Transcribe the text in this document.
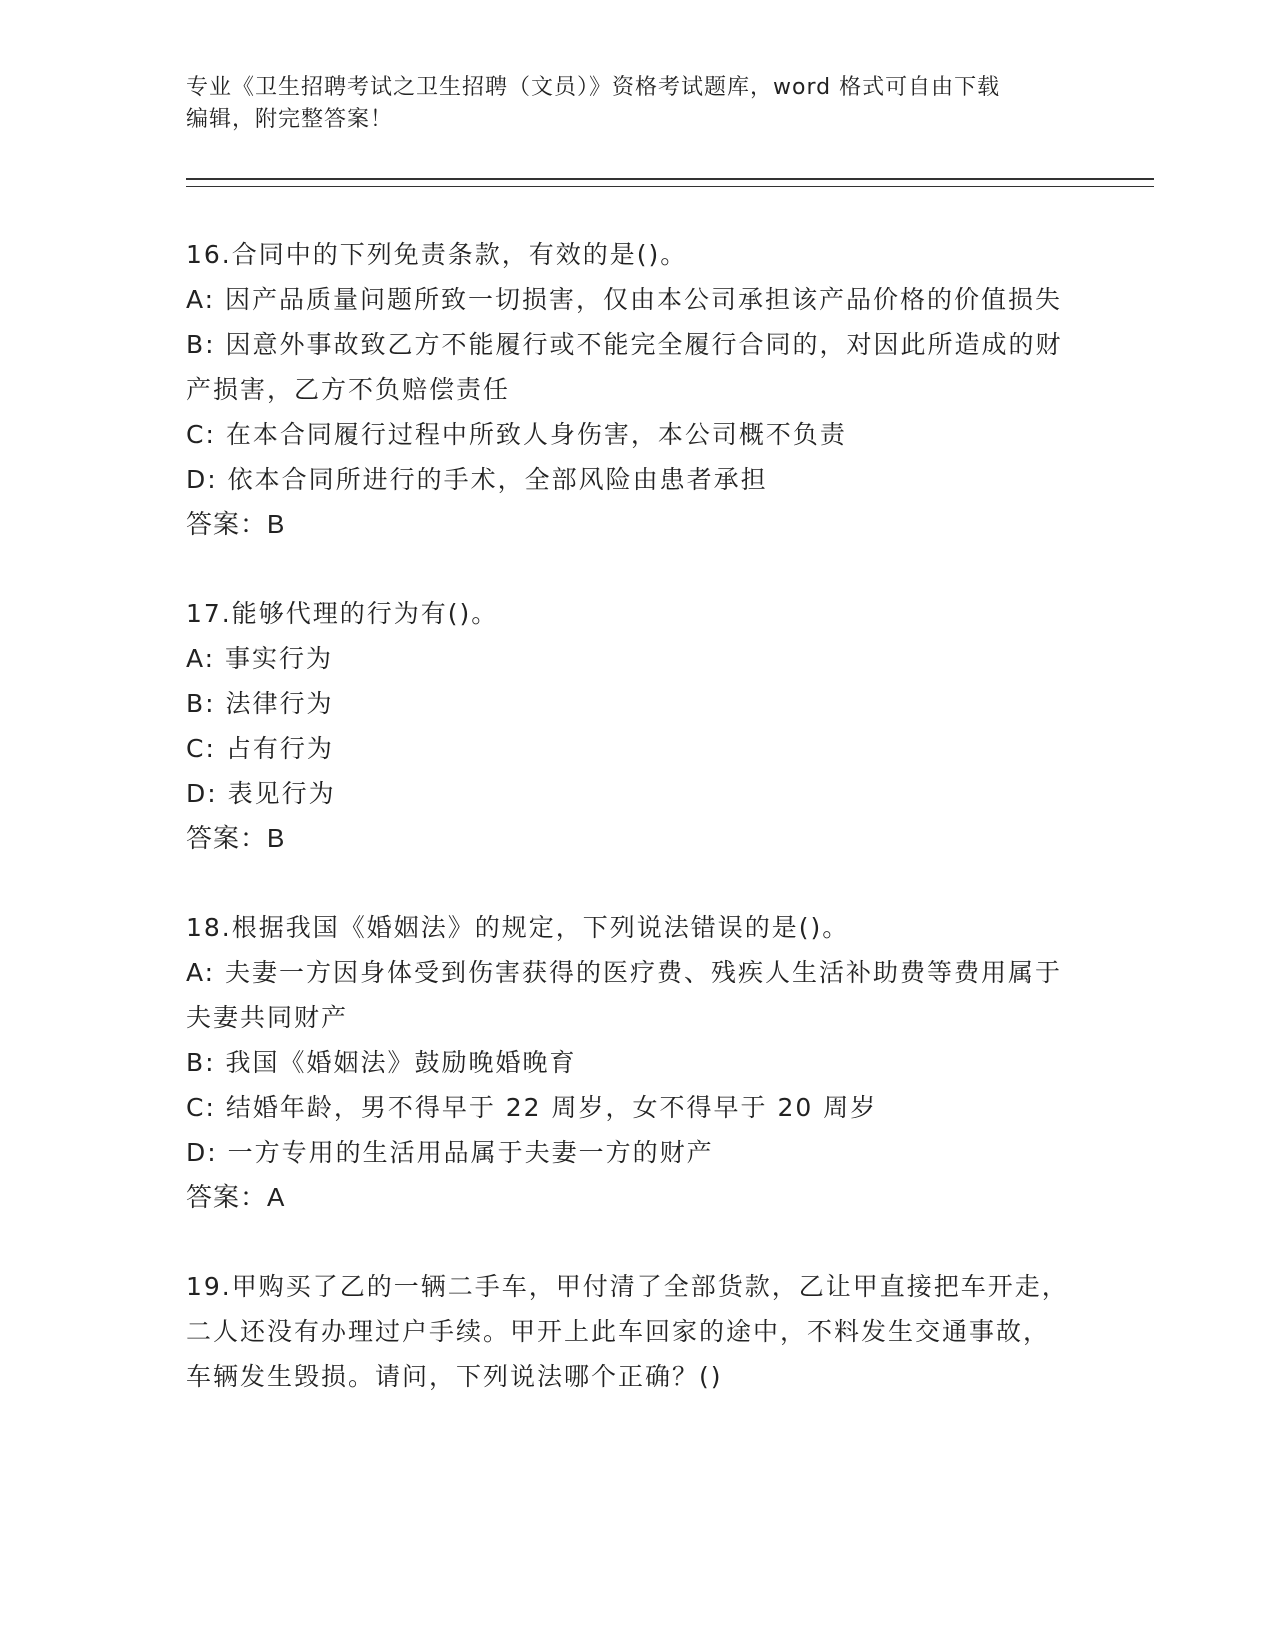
专业《卫生招聘考试之卫生招聘（文员）》资格考试题库，word 格式可自由下载
编辑，附完整答案！

16.合同中的下列免责条款，有效的是()。

A: 因产品质量问题所致一切损害，仅由本公司承担该产品价格的价值损失

B: 因意外事故致乙方不能履行或不能完全履行合同的，对因此所造成的财产损害，乙方不负赔偿责任

C: 在本合同履行过程中所致人身伤害，本公司概不负责

D: 依本合同所进行的手术，全部风险由患者承担

答案：B

17.能够代理的行为有()。

A: 事实行为

B: 法律行为

C: 占有行为

D: 表见行为

答案：B

18.根据我国《婚姻法》的规定，下列说法错误的是()。

A: 夫妻一方因身体受到伤害获得的医疗费、残疾人生活补助费等费用属于夫妻共同财产

B: 我国《婚姻法》鼓励晚婚晚育

C: 结婚年龄，男不得早于 22 周岁，女不得早于 20 周岁

D: 一方专用的生活用品属于夫妻一方的财产

答案：A

19.甲购买了乙的一辆二手车，甲付清了全部货款，乙让甲直接把车开走，二人还没有办理过户手续。甲开上此车回家的途中，不料发生交通事故，车辆发生毁损。请问，下列说法哪个正确？()
